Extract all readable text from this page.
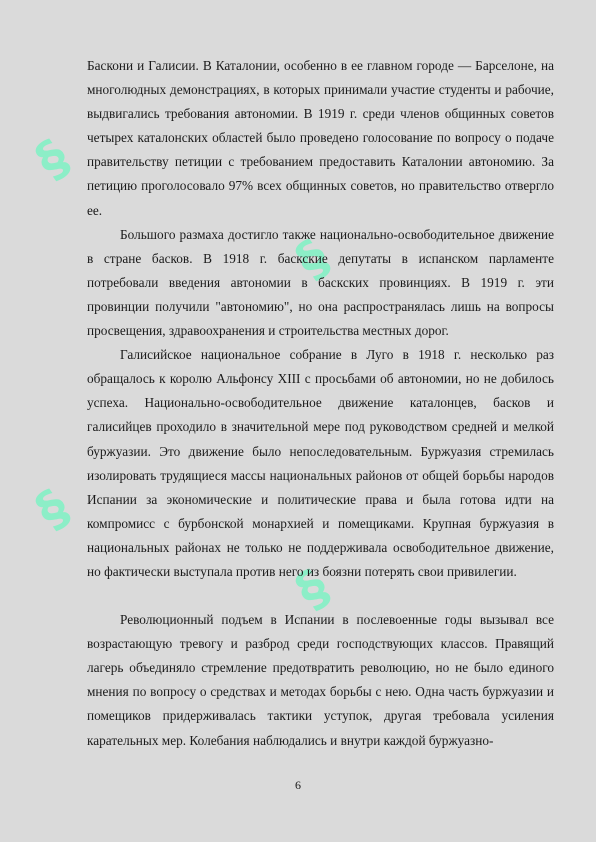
§
§
§
§

Баскони и Галисии. В Каталонии, особенно в ее главном городе — Барселоне, на многолюдных демонстрациях, в которых принимали участие студенты и рабочие, выдвигались требования автономии. В 1919 г. среди членов общинных советов четырех каталонских областей было проведено голосование по вопросу о подаче правительству петиции с требованием предоставить Каталонии автономию. За петицию проголосовало 97% всех общинных советов, но правительство отвергло ее.

Большого размаха достигло также национально-освободительное движение в стране басков. В 1918 г. баскские депутаты в испанском парламенте потребовали введения автономии в баскских провинциях. В 1919 г. эти провинции получили "автономию", но она распространялась лишь на вопросы просвещения, здравоохранения и строительства местных дорог.

Галисийское национальное собрание в Луго в 1918 г. несколько раз обращалось к королю Альфонсу XIII с просьбами об автономии, но не добилось успеха. Национально-освободительное движение каталонцев, басков и галисийцев проходило в значительной мере под руководством средней и мелкой буржуазии. Это движение было непоследовательным. Буржуазия стремилась изолировать трудящиеся массы национальных районов от общей борьбы народов Испании за экономические и политические права и была готова идти на компромисс с бурбонской монархией и помещиками. Крупная буржуазия в национальных районах не только не поддерживала освободительное движение, но фактически выступала против него из боязни потерять свои привилегии.

Революционный подъем в Испании в послевоенные годы вызывал все возрастающую тревогу и разброд среди господствующих классов. Правящий лагерь объединяло стремление предотвратить революцию, но не было единого мнения по вопросу о средствах и методах борьбы с нею. Одна часть буржуазии и помещиков придерживалась тактики уступок, другая требовала усиления карательных мер. Колебания наблюдались и внутри каждой буржуазно-

6
